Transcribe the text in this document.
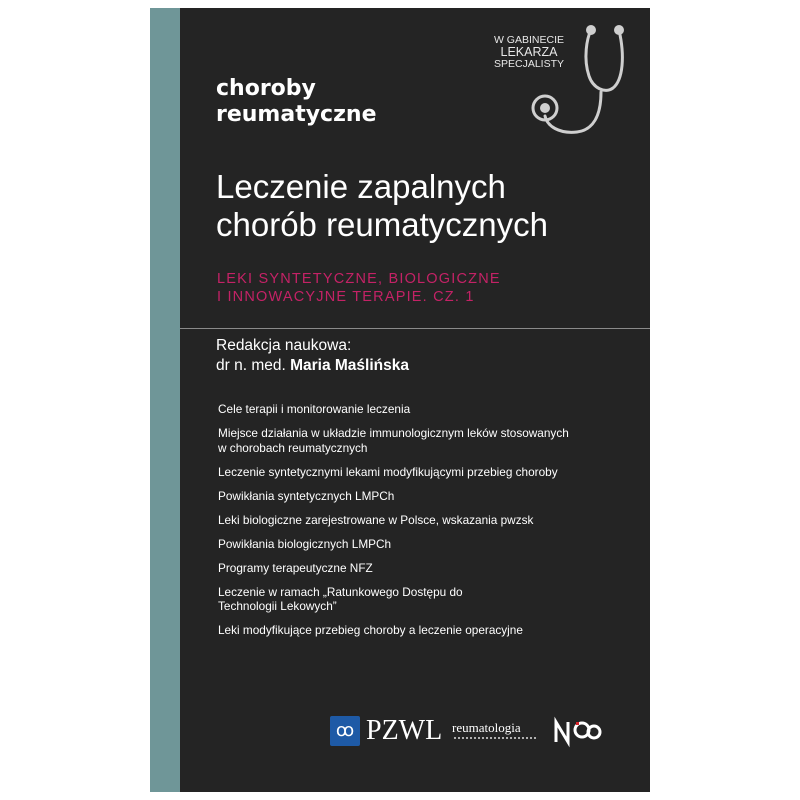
choroby
reumatyczne
W GABINECIE
LEKARZA
SPECJALISTY
Leczenie zapalnych
chorób reumatycznych
LEKI SYNTETYCZNE, BIOLOGICZNE
I INNOWACYJNE TERAPIE. CZ. 1
Redakcja naukowa:
dr n. med. Maria Maślińska
Cele terapii i monitorowanie leczenia
Miejsce działania w układzie immunologicznym leków stosowanych
w chorobach reumatycznych
Leczenie syntetycznymi lekami modyfikującymi przebieg choroby
Powikłania syntetycznych LMPCh
Leki biologiczne zarejestrowane w Polsce, wskazania pwzsk
Powikłania biologicznych LMPCh
Programy terapeutyczne NFZ
Leczenie w ramach „Ratunkowego Dostępu do
Technologii Lekowych”
Leki modyfikujące przebieg choroby a leczenie operacyjne
ꝏ PZWL reumatologia
